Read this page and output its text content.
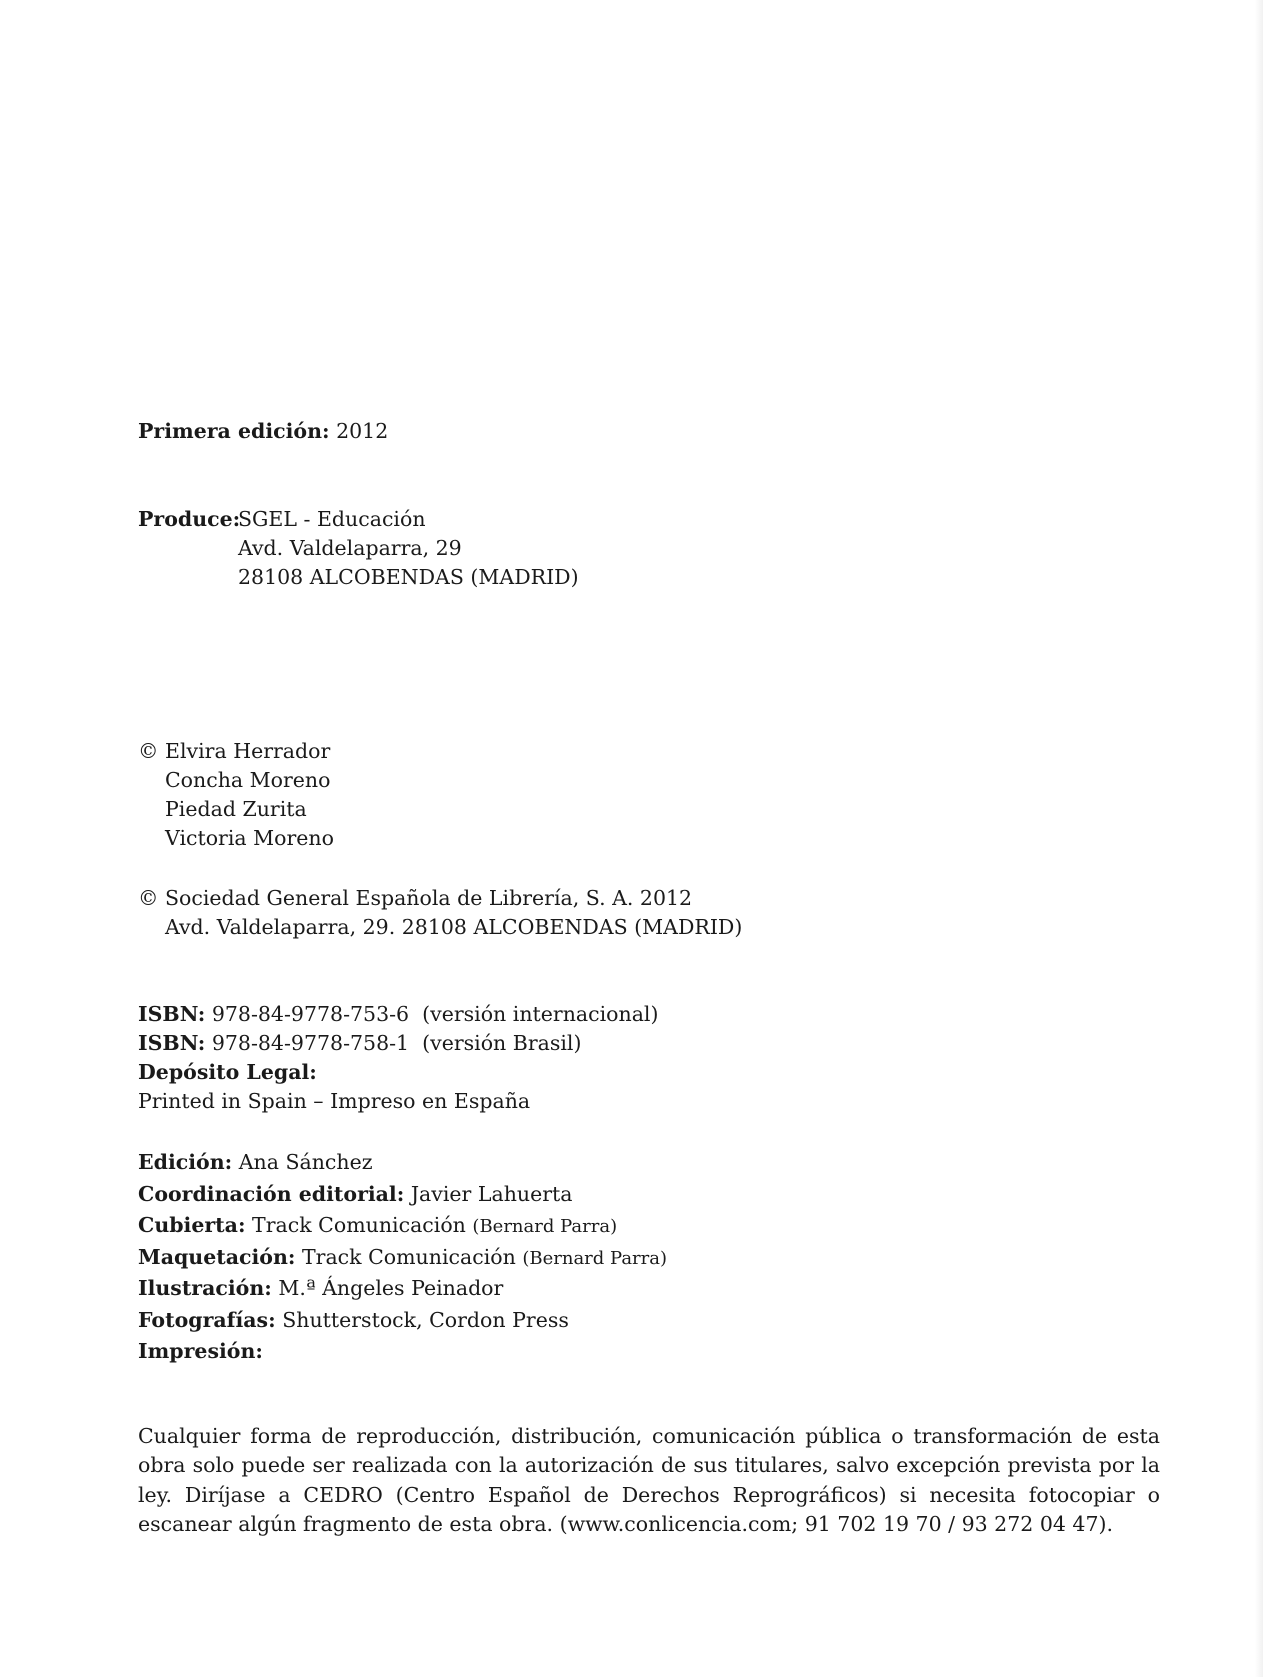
Primera edición: 2012
Produce:
SGEL - Educación
Avd. Valdelaparra, 29
28108 ALCOBENDAS (MADRID)
© Elvira Herrador
Concha Moreno
Piedad Zurita
Victoria Moreno
© Sociedad General Española de Librería, S. A. 2012
Avd. Valdelaparra, 29. 28108 ALCOBENDAS (MADRID)
ISBN: 978-84-9778-753-6  (versión internacional)
ISBN: 978-84-9778-758-1  (versión Brasil)
Depósito Legal:
Printed in Spain – Impreso en España
Edición: Ana Sánchez
Coordinación editorial: Javier Lahuerta
Cubierta: Track Comunicación (Bernard Parra)
Maquetación: Track Comunicación (Bernard Parra)
Ilustración: M.ª Ángeles Peinador
Fotografías: Shutterstock, Cordon Press
Impresión:
Cualquier forma de reproducción, distribución, comunicación pública o transformación de esta obra solo puede ser realizada con la autorización de sus titulares, salvo excepción prevista por la ley. Diríjase a CEDRO (Centro Español de Derechos Reprográficos) si necesita fotocopiar o escanear algún fragmento de esta obra. (www.conlicencia.com; 91 702 19 70 / 93 272 04 47).
